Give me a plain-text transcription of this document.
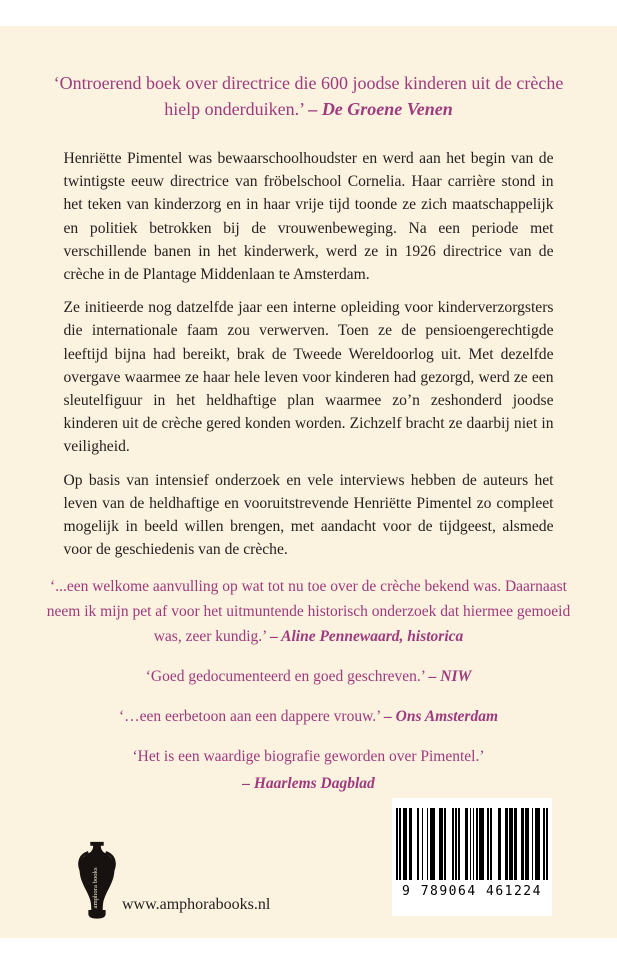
‘Ontroerend boek over directrice die 600 joodse kinderen uit de crèche hielp onderduiken.’ – De Groene Venen

Henriëtte Pimentel was bewaarschoolhoudster en werd aan het begin van de twintigste eeuw directrice van fröbelschool Cornelia. Haar carrière stond in het teken van kinderzorg en in haar vrije tijd toonde ze zich maatschappelijk en politiek betrokken bij de vrouwenbeweging. Na een periode met verschillende banen in het kinderwerk, werd ze in 1926 directrice van de crèche in de Plantage Middenlaan te Amsterdam.

Ze initieerde nog datzelfde jaar een interne opleiding voor kinderverzorgsters die internationale faam zou verwerven. Toen ze de pensioengerechtigde leeftijd bijna had bereikt, brak de Tweede Wereldoorlog uit. Met dezelfde overgave waarmee ze haar hele leven voor kinderen had gezorgd, werd ze een sleutelfiguur in het heldhaftige plan waarmee zo’n zeshonderd joodse kinderen uit de crèche gered konden worden. Zichzelf bracht ze daarbij niet in veiligheid.

Op basis van intensief onderzoek en vele interviews hebben de auteurs het leven van de heldhaftige en vooruitstrevende Henriëtte Pimentel zo compleet mogelijk in beeld willen brengen, met aandacht voor de tijdgeest, alsmede voor de geschiedenis van de crèche.

‘...een welkome aanvulling op wat tot nu toe over de crèche bekend was. Daarnaast neem ik mijn pet af voor het uitmuntende historisch onderzoek dat hiermee gemoeid was, zeer kundig.’ – Aline Pennewaard, historica

‘Goed gedocumenteerd en goed geschreven.’ – NIW

‘…een eerbetoon aan een dappere vrouw.’ – Ons Amsterdam

‘Het is een waardige biografie geworden over Pimentel.’
– Haarlems Dagblad

amphora books www.amphorabooks.nl
9 789064 461224
